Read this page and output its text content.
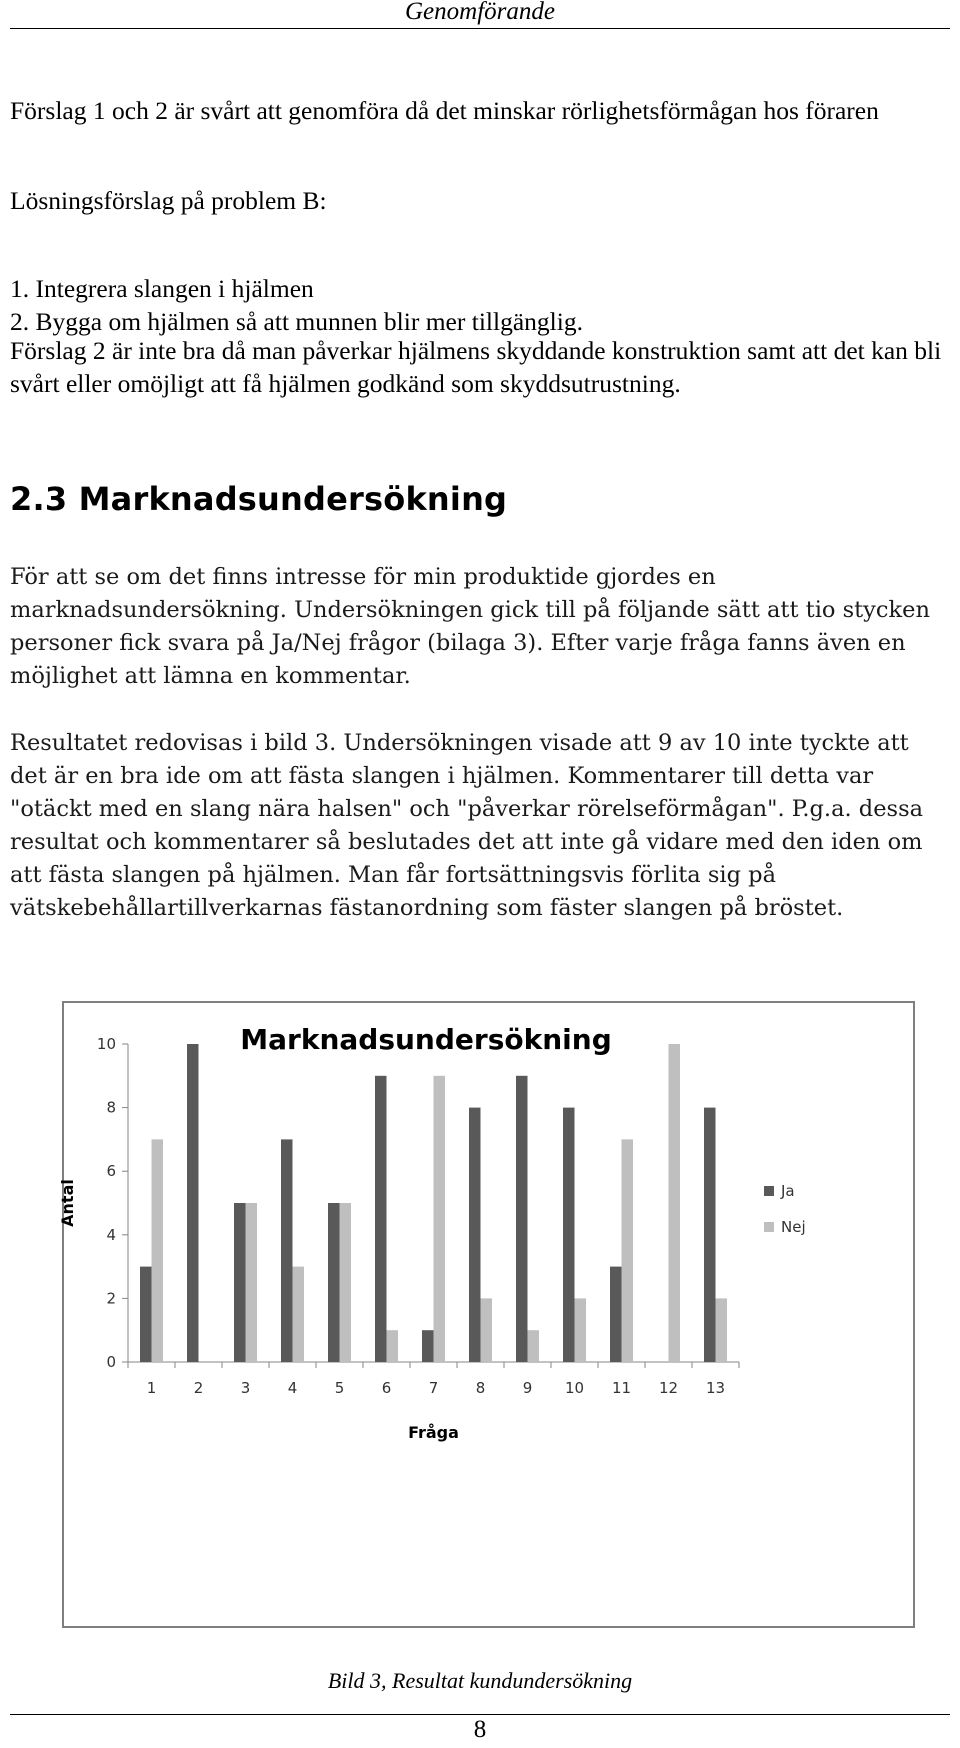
Genomförande

Förslag 1 och 2 är svårt att genomföra då det minskar rörlighetsförmågan hos föraren

Lösningsförslag på problem B:

1. Integrera slangen i hjälmen
2. Bygga om hjälmen så att munnen blir mer tillgänglig.

Förslag 2 är inte bra då man påverkar hjälmens skyddande konstruktion samt att det kan bli svårt eller omöjligt att få hjälmen godkänd som skyddsutrustning.

2.3 Marknadsundersökning

För att se om det finns intresse för min produktide gjordes en marknadsundersökning. Undersökningen gick till på följande sätt att tio stycken personer fick svara på Ja/Nej frågor (bilaga 3). Efter varje fråga fanns även en möjlighet att lämna en kommentar.

Resultatet redovisas i bild 3. Undersökningen visade att 9 av 10 inte tyckte att det är en bra ide om att fästa slangen i hjälmen. Kommentarer till detta var "otäckt med en slang nära halsen" och "påverkar rörelseförmågan". P.g.a. dessa resultat och kommentarer så beslutades det att inte gå vidare med den iden om att fästa slangen på hjälmen. Man får fortsättningsvis förlita sig på vätskebehållartillverkarnas fästanordning som fäster slangen på bröstet.

Marknadsundersökning
0
2
4
6
8
10
Antal
1 2 3 4 5 6 7 8 9 10 11 12 13
Fråga
Ja
Nej
Bild 3, Resultat kundundersökning
8
